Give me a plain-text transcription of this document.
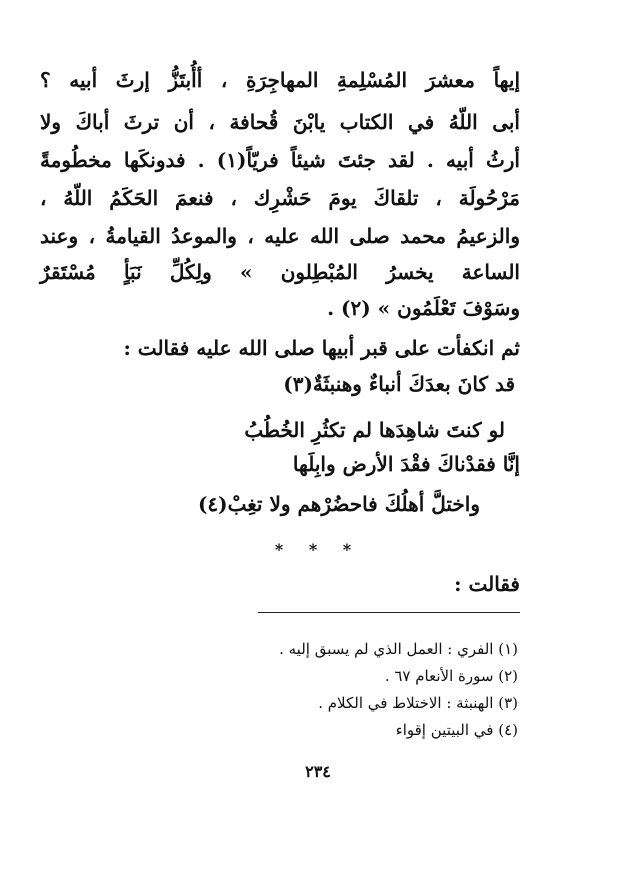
إيهاً معشرَ المُسْلِمةِ المهاجِرَةِ ، أأُبتَزُّ إرثَ أبيه ؟
أبى اللّهُ في الكتاب يابْنَ قُحافة ، أن ترثَ أباكَ ولا
أرثُ أبيه . لقد جئتَ شيئاً فريّاً(١) . فدونكَها مخطُومةً
مَرْحُولَة ، تلقاكَ يومَ حَشْرِك ، فنعمَ الحَكَمُ اللّهُ ،
والزعيمُ محمد صلى الله عليه ، والموعدُ القيامةُ ، وعند
الساعة يخسرُ المُبْطِلون » ولِكُلِّ نَبَأٍ مُسْتَقرٌ
وسَوْفَ تَعْلَمُون » (٢) .
ثم انكفأت على قبر أبيها صلى الله عليه فقالت :
قد كانَ بعدَكَ أنباءٌ وهنبثَةٌ(٣)
لو كنتَ شاهِدَها لم تكثُرِ الخُطُبُ
إنَّا فقدْناكَ فقْدَ الأرض وابِلَها
واختلَّ أهلُكَ فاحضُرْهم ولا تغِبْ(٤)
* * *
فقالت :
(١) الفري : العمل الذي لم يسبق إليه .
(٢) سورة الأنعام ٦٧ .
(٣) الهنبثة : الاختلاط في الكلام .
(٤) في البيتين إقواء
٢٣٤
